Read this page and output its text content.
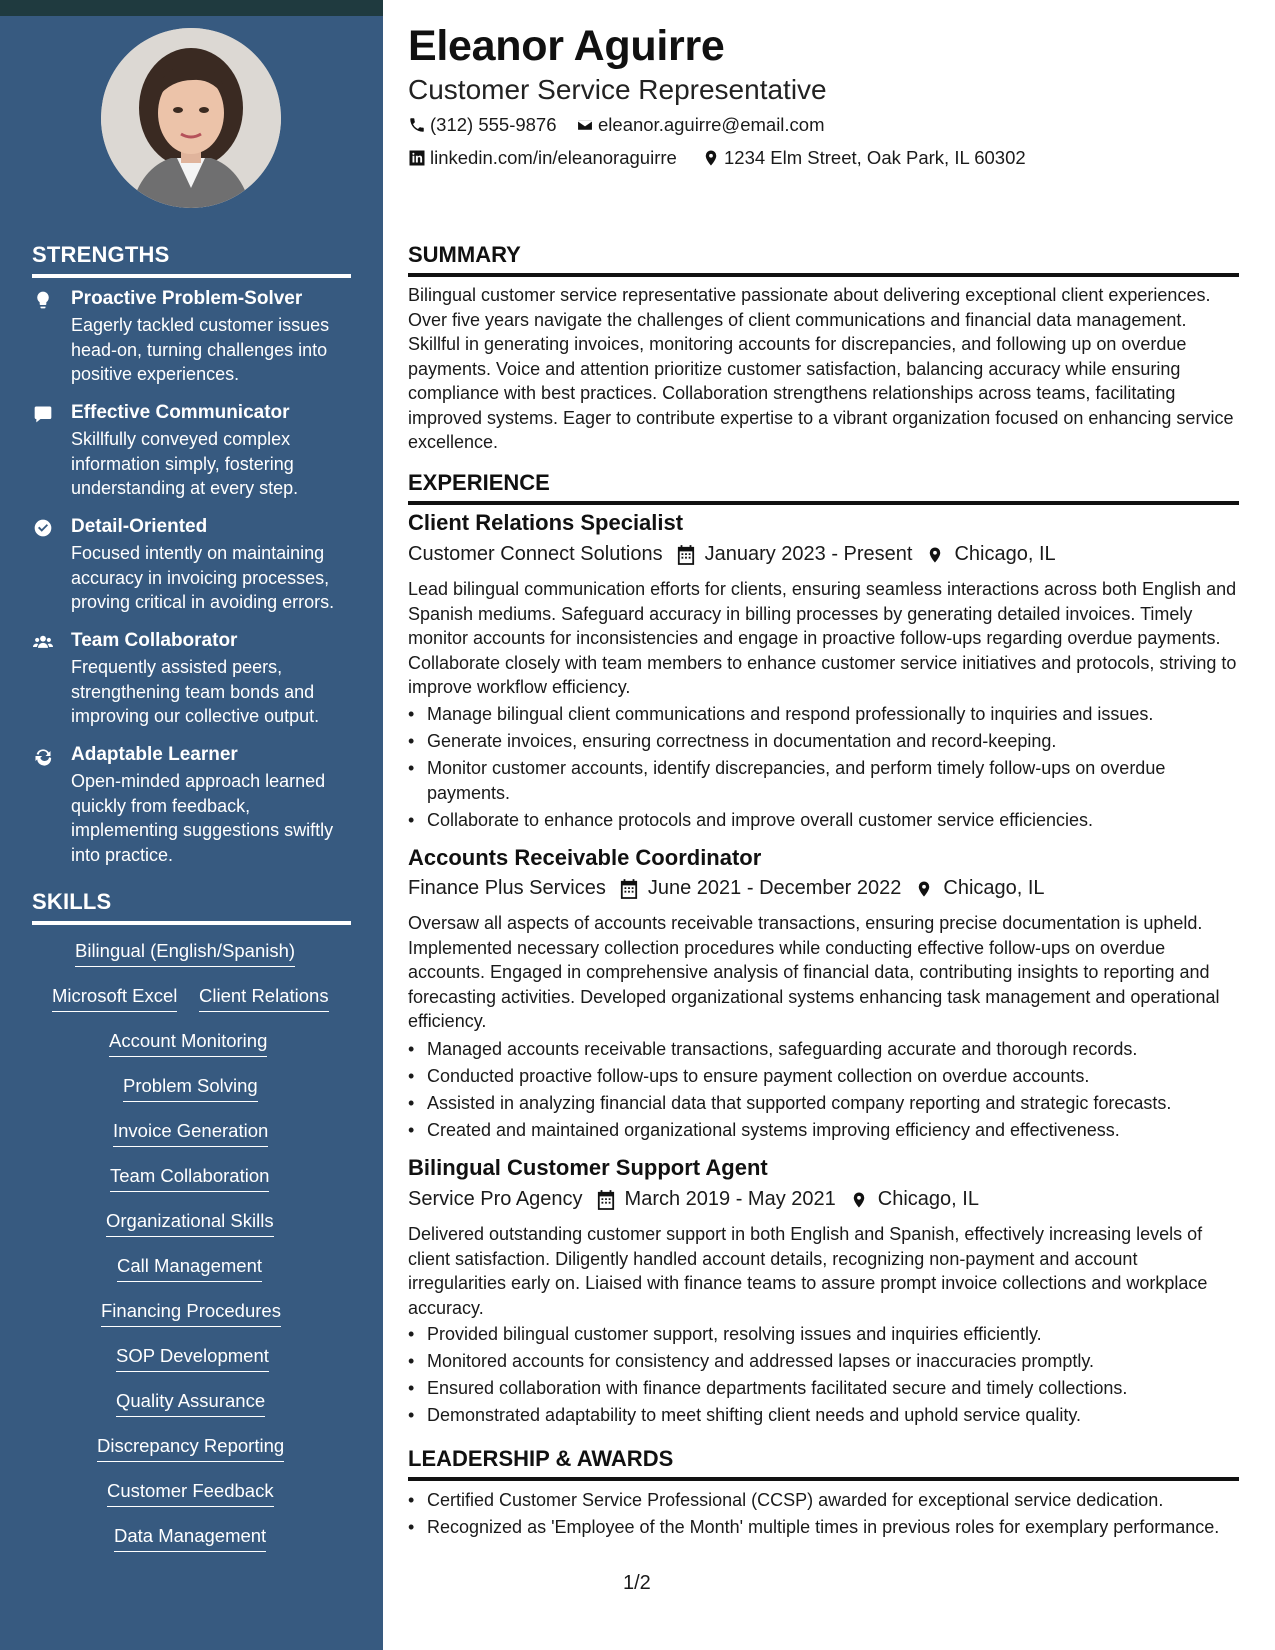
STRENGTHS
Proactive Problem-Solver
Eagerly tackled customer issues head-on, turning challenges into positive experiences.
Effective Communicator
Skillfully conveyed complex information simply, fostering understanding at every step.
Detail-Oriented
Focused intently on maintaining accuracy in invoicing processes, proving critical in avoiding errors.
Team Collaborator
Frequently assisted peers, strengthening team bonds and improving our collective output.
Adaptable Learner
Open-minded approach learned quickly from feedback, implementing suggestions swiftly into practice.
SKILLS
Bilingual (English/Spanish)
Microsoft Excel Client Relations
Account Monitoring
Problem Solving
Invoice Generation
Team Collaboration
Organizational Skills
Call Management
Financing Procedures
SOP Development
Quality Assurance
Discrepancy Reporting
Customer Feedback
Data Management
Eleanor Aguirre
Customer Service Representative
(312) 555-9876 eleanor.aguirre@email.com
linkedin.com/in/eleanoraguirre	1234 Elm Street, Oak Park, IL 60302
SUMMARY
Bilingual customer service representative passionate about delivering exceptional client experiences. Over five years navigate the challenges of client communications and financial data management. Skillful in generating invoices, monitoring accounts for discrepancies, and following up on overdue payments. Voice and attention prioritize customer satisfaction, balancing accuracy while ensuring compliance with best practices. Collaboration strengthens relationships across teams, facilitating improved systems. Eager to contribute expertise to a vibrant organization focused on enhancing service excellence.
EXPERIENCE
Client Relations Specialist
Customer Connect Solutions January 2023 - Present Chicago, IL
Lead bilingual communication efforts for clients, ensuring seamless interactions across both English and Spanish mediums. Safeguard accuracy in billing processes by generating detailed invoices. Timely monitor accounts for inconsistencies and engage in proactive follow-ups regarding overdue payments. Collaborate closely with team members to enhance customer service initiatives and protocols, striving to improve workflow efficiency.
• Manage bilingual client communications and respond professionally to inquiries and issues.
• Generate invoices, ensuring correctness in documentation and record-keeping.
• Monitor customer accounts, identify discrepancies, and perform timely follow-ups on overdue payments.
• Collaborate to enhance protocols and improve overall customer service efficiencies.
Accounts Receivable Coordinator
Finance Plus Services June 2021 - December 2022 Chicago, IL
Oversaw all aspects of accounts receivable transactions, ensuring precise documentation is upheld. Implemented necessary collection procedures while conducting effective follow-ups on overdue accounts. Engaged in comprehensive analysis of financial data, contributing insights to reporting and forecasting activities. Developed organizational systems enhancing task management and operational efficiency.
• Managed accounts receivable transactions, safeguarding accurate and thorough records.
• Conducted proactive follow-ups to ensure payment collection on overdue accounts.
• Assisted in analyzing financial data that supported company reporting and strategic forecasts.
• Created and maintained organizational systems improving efficiency and effectiveness.
Bilingual Customer Support Agent
Service Pro Agency March 2019 - May 2021 Chicago, IL
Delivered outstanding customer support in both English and Spanish, effectively increasing levels of client satisfaction. Diligently handled account details, recognizing non-payment and account irregularities early on. Liaised with finance teams to assure prompt invoice collections and workplace accuracy.
• Provided bilingual customer support, resolving issues and inquiries efficiently.
• Monitored accounts for consistency and addressed lapses or inaccuracies promptly.
• Ensured collaboration with finance departments facilitated secure and timely collections.
• Demonstrated adaptability to meet shifting client needs and uphold service quality.
LEADERSHIP & AWARDS
• Certified Customer Service Professional (CCSP) awarded for exceptional service dedication.
• Recognized as 'Employee of the Month' multiple times in previous roles for exemplary performance.
1/2
